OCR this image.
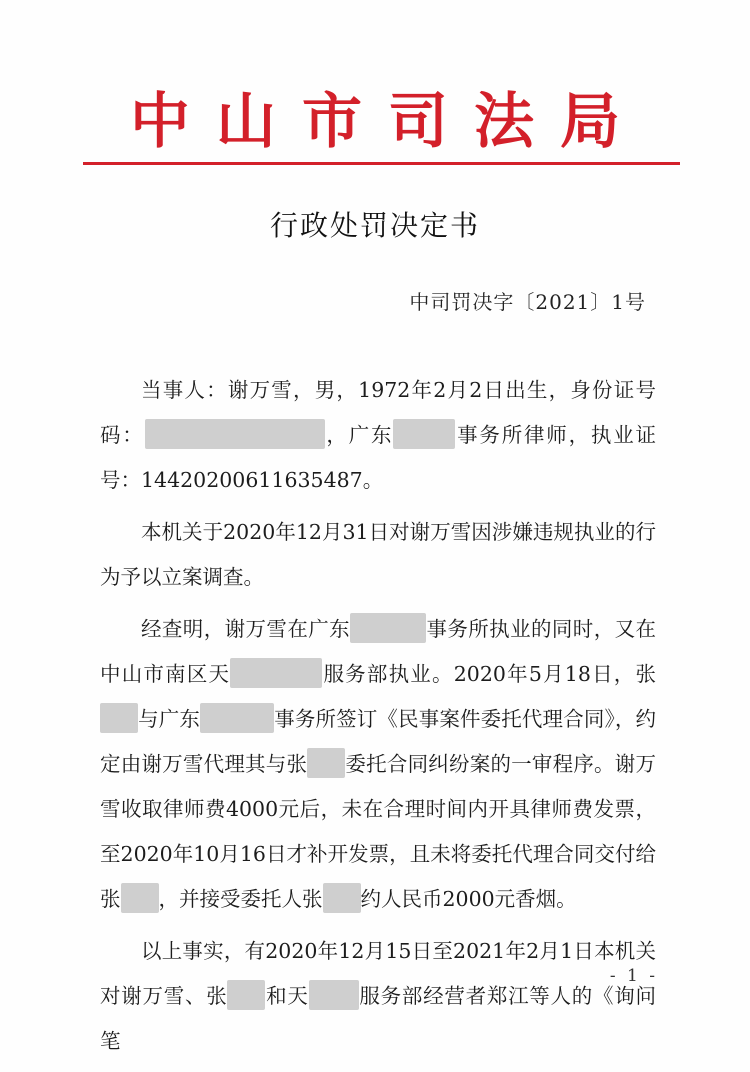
中山市司法局
行政处罚决定书
中司罚决字〔2021〕1号

当事人：谢万雪，男，1972年2月2日出生，身份证号码：	，广东	事务所律师，执业证号：14420200611635487。

本机关于2020年12月31日对谢万雪因涉嫌违规执业的行为予以立案调查。

经查明，谢万雪在广东	事务所执业的同时，又在中山市南区天	服务部执业。2020年5月18日，张与广东	事务所签订《民事案件委托代理合同》，约定由谢万雪代理其与张 委托合同纠纷案的一审程序。谢万雪收取律师费4000元后，未在合理时间内开具律师费发票，至2020年10月16日才补开发票，且未将委托代理合同交付给张 ，并接受委托人张 约人民币2000元香烟。

以上事实，有2020年12月15日至2021年2月1日本机关对谢万雪、张 和天 服务部经营者郑江等人的《询问笔

- 1 -
